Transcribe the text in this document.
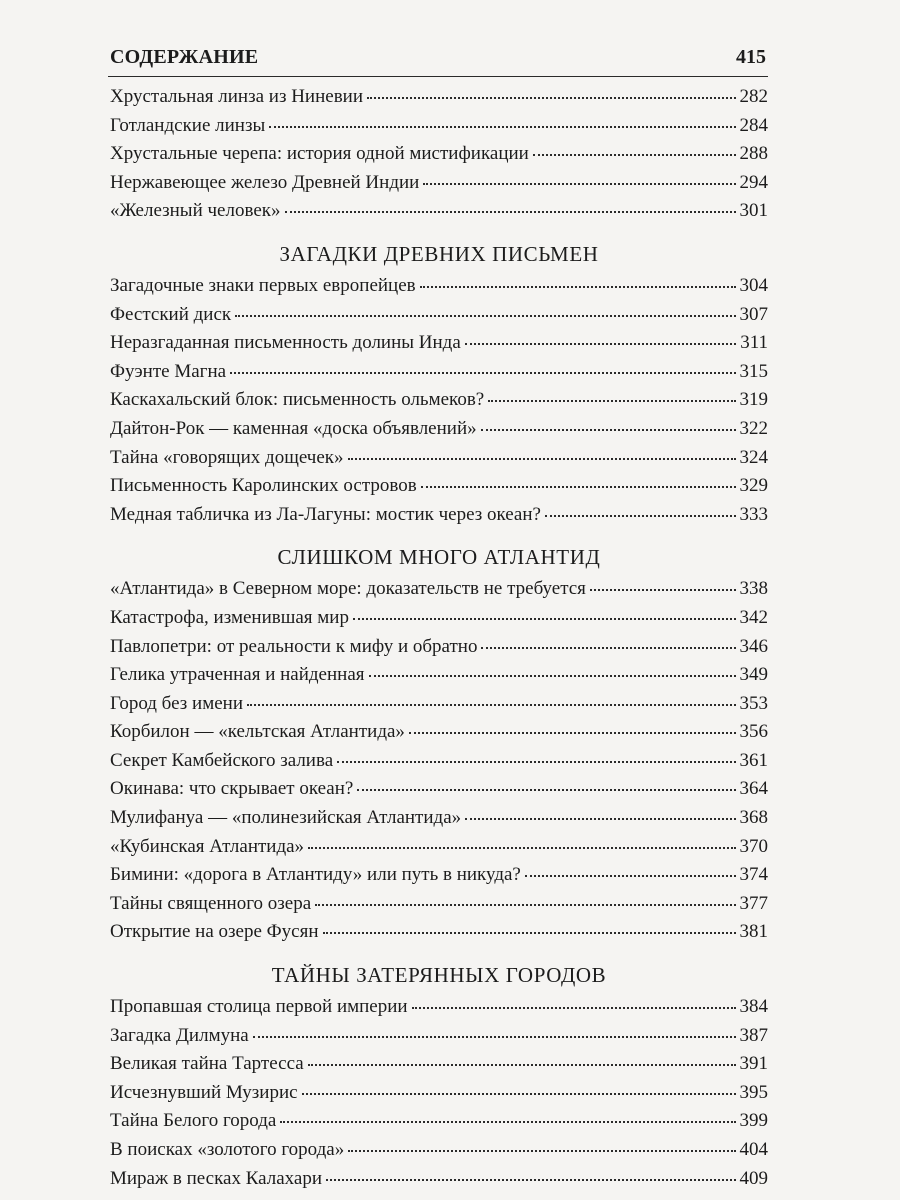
СОДЕРЖАНИЕ	415
Хрустальная линза из Ниневии	282
Готландские линзы	284
Хрустальные черепа: история одной мистификации	288
Нержавеющее железо Древней Индии	294
«Железный человек»	301
ЗАГАДКИ ДРЕВНИХ ПИСЬМЕН
Загадочные знаки первых европейцев	304
Фестский диск	307
Неразгаданная письменность долины Инда	311
Фуэнте Магна	315
Каскахальский блок: письменность ольмеков?	319
Дайтон-Рок — каменная «доска объявлений»	322
Тайна «говорящих дощечек»	324
Письменность Каролинских островов	329
Медная табличка из Ла-Лагуны: мостик через океан?	333
СЛИШКОМ МНОГО АТЛАНТИД
«Атлантида» в Северном море: доказательств не требуется	338
Катастрофа, изменившая мир	342
Павлопетри: от реальности к мифу и обратно	346
Гелика утраченная и найденная	349
Город без имени	353
Корбилон — «кельтская Атлантида»	356
Секрет Камбейского залива	361
Окинава: что скрывает океан?	364
Мулифануа — «полинезийская Атлантида»	368
«Кубинская Атлантида»	370
Бимини: «дорога в Атлантиду» или путь в никуда?	374
Тайны священного озера	377
Открытие на озере Фусян	381
ТАЙНЫ ЗАТЕРЯННЫХ ГОРОДОВ
Пропавшая столица первой империи	384
Загадка Дилмуна	387
Великая тайна Тартесса	391
Исчезнувший Музирис	395
Тайна Белого города	399
В поисках «золотого города»	404
Мираж в песках Калахари	409
